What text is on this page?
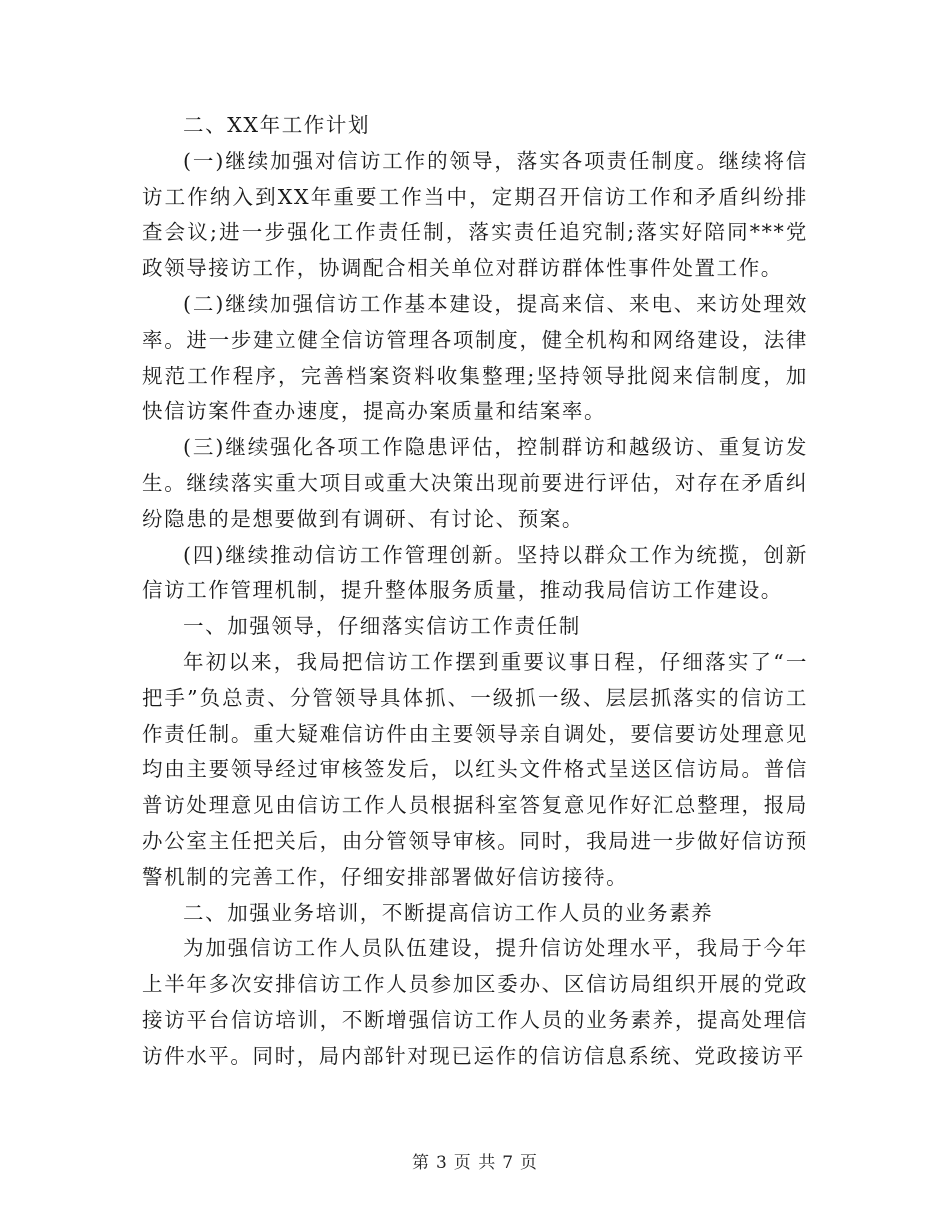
二、XX年工作计划

(一)继续加强对信访工作的领导，落实各项责任制度。继续将信访工作纳入到XX年重要工作当中，定期召开信访工作和矛盾纠纷排查会议;进一步强化工作责任制，落实责任追究制;落实好陪同***党政领导接访工作，协调配合相关单位对群访群体性事件处置工作。

(二)继续加强信访工作基本建设，提高来信、来电、来访处理效率。进一步建立健全信访管理各项制度，健全机构和网络建设，法律规范工作程序，完善档案资料收集整理;坚持领导批阅来信制度，加快信访案件查办速度，提高办案质量和结案率。

(三)继续强化各项工作隐患评估，控制群访和越级访、重复访发生。继续落实重大项目或重大决策出现前要进行评估，对存在矛盾纠纷隐患的是想要做到有调研、有讨论、预案。

(四)继续推动信访工作管理创新。坚持以群众工作为统揽，创新信访工作管理机制，提升整体服务质量，推动我局信访工作建设。

一、加强领导，仔细落实信访工作责任制

年初以来，我局把信访工作摆到重要议事日程，仔细落实了“一把手”负总责、分管领导具体抓、一级抓一级、层层抓落实的信访工作责任制。重大疑难信访件由主要领导亲自调处，要信要访处理意见均由主要领导经过审核签发后，以红头文件格式呈送区信访局。普信普访处理意见由信访工作人员根据科室答复意见作好汇总整理，报局办公室主任把关后，由分管领导审核。同时，我局进一步做好信访预警机制的完善工作，仔细安排部署做好信访接待。

二、加强业务培训，不断提高信访工作人员的业务素养

为加强信访工作人员队伍建设，提升信访处理水平，我局于今年上半年多次安排信访工作人员参加区委办、区信访局组织开展的党政接访平台信访培训，不断增强信访工作人员的业务素养，提高处理信访件水平。同时，局内部针对现已运作的信访信息系统、党政接访平

第 3 页 共 7 页
